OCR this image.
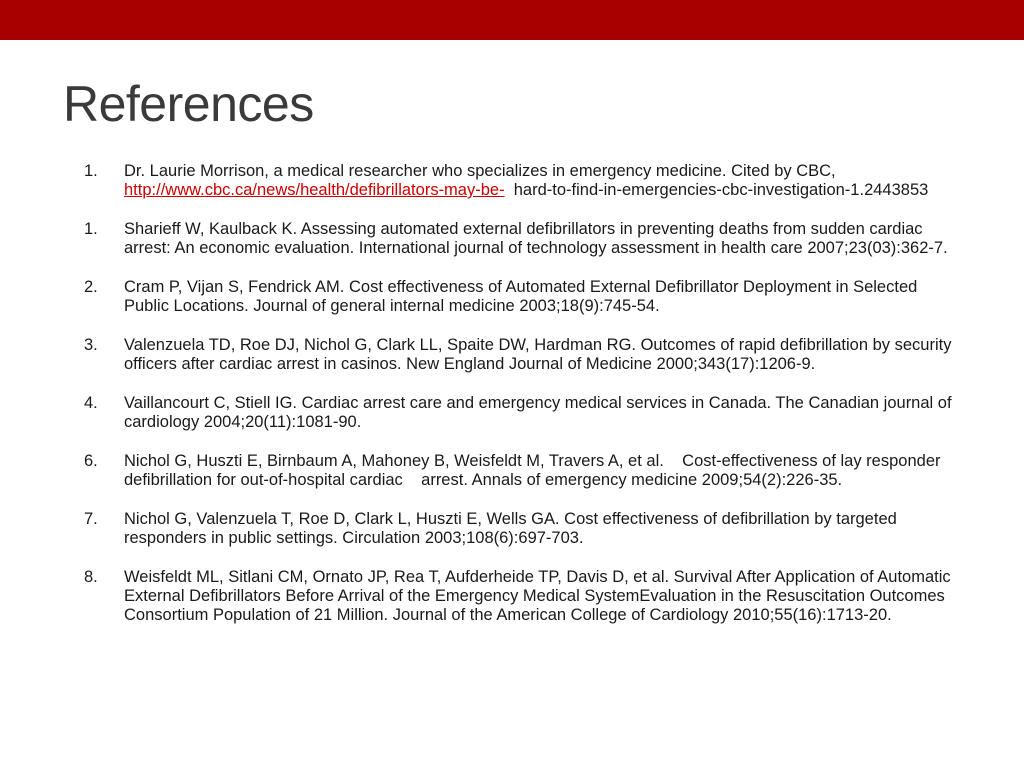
References
1. Dr. Laurie Morrison, a medical researcher who specializes in emergency medicine. Cited by CBC, http://www.cbc.ca/news/health/defibrillators-may-be-  hard-to-find-in-emergencies-cbc-investigation-1.2443853
1. Sharieff W, Kaulback K. Assessing automated external defibrillators in preventing deaths from sudden cardiac arrest: An economic evaluation. International journal of technology assessment in health care 2007;23(03):362-7.
2. Cram P, Vijan S, Fendrick AM. Cost effectiveness of Automated External Defibrillator Deployment in Selected Public Locations. Journal of general internal medicine 2003;18(9):745-54.
3. Valenzuela TD, Roe DJ, Nichol G, Clark LL, Spaite DW, Hardman RG. Outcomes of rapid defibrillation by security officers after cardiac arrest in casinos. New England Journal of Medicine 2000;343(17):1206-9.
4. Vaillancourt C, Stiell IG. Cardiac arrest care and emergency medical services in Canada. The Canadian journal of cardiology 2004;20(11):1081-90.
6. Nichol G, Huszti E, Birnbaum A, Mahoney B, Weisfeldt M, Travers A, et al.    Cost-effectiveness of lay responder defibrillation for out-of-hospital cardiac    arrest. Annals of emergency medicine 2009;54(2):226-35.
7. Nichol G, Valenzuela T, Roe D, Clark L, Huszti E, Wells GA. Cost effectiveness of defibrillation by targeted responders in public settings. Circulation 2003;108(6):697-703.
8. Weisfeldt ML, Sitlani CM, Ornato JP, Rea T, Aufderheide TP, Davis D, et al. Survival After Application of Automatic External Defibrillators Before Arrival of the Emergency Medical SystemEvaluation in the Resuscitation Outcomes Consortium Population of 21 Million. Journal of the American College of Cardiology 2010;55(16):1713-20.
